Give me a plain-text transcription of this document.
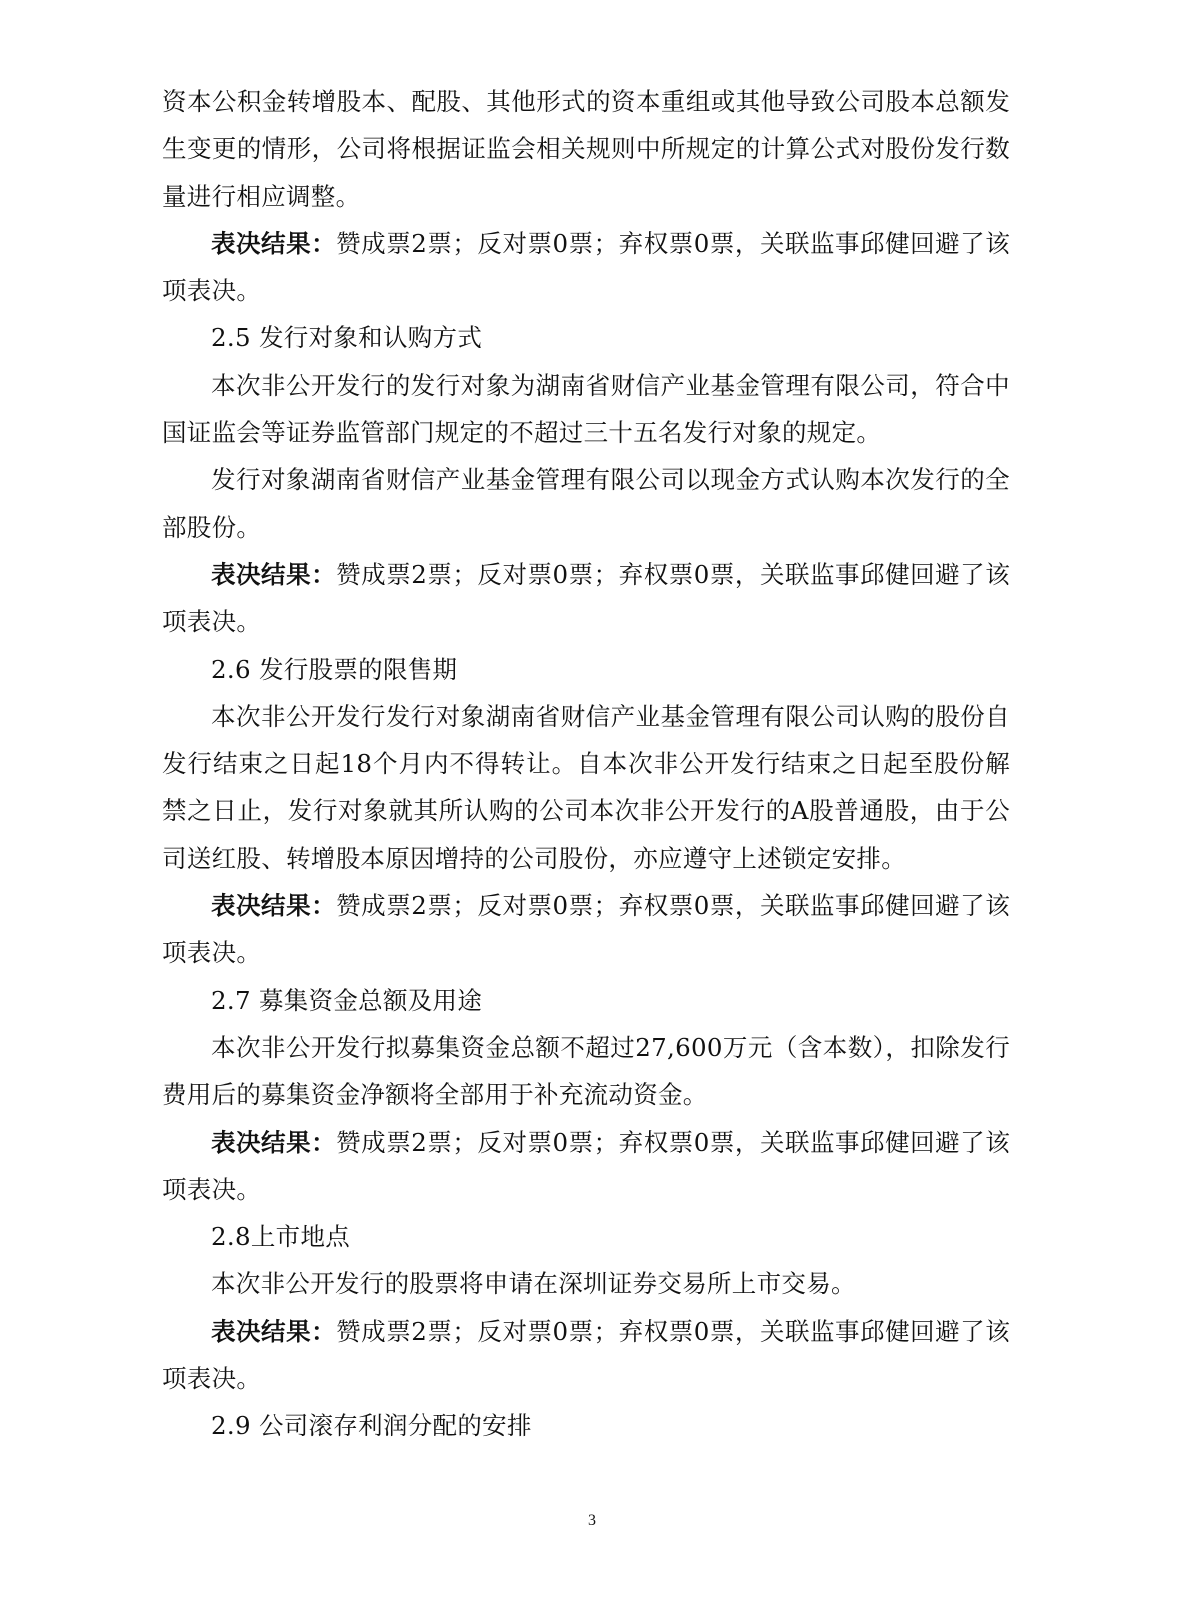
资本公积金转增股本、配股、其他形式的资本重组或其他导致公司股本总额发生变更的情形，公司将根据证监会相关规则中所规定的计算公式对股份发行数量进行相应调整。

表决结果：赞成票2票；反对票0票；弃权票0票，关联监事邱健回避了该项表决。

2.5 发行对象和认购方式

本次非公开发行的发行对象为湖南省财信产业基金管理有限公司，符合中国证监会等证券监管部门规定的不超过三十五名发行对象的规定。

发行对象湖南省财信产业基金管理有限公司以现金方式认购本次发行的全部股份。

表决结果：赞成票2票；反对票0票；弃权票0票，关联监事邱健回避了该项表决。

2.6 发行股票的限售期

本次非公开发行发行对象湖南省财信产业基金管理有限公司认购的股份自发行结束之日起18个月内不得转让。自本次非公开发行结束之日起至股份解禁之日止，发行对象就其所认购的公司本次非公开发行的A股普通股，由于公司送红股、转增股本原因增持的公司股份，亦应遵守上述锁定安排。

表决结果：赞成票2票；反对票0票；弃权票0票，关联监事邱健回避了该项表决。

2.7 募集资金总额及用途

本次非公开发行拟募集资金总额不超过27,600万元（含本数），扣除发行费用后的募集资金净额将全部用于补充流动资金。

表决结果：赞成票2票；反对票0票；弃权票0票，关联监事邱健回避了该项表决。

2.8上市地点

本次非公开发行的股票将申请在深圳证券交易所上市交易。

表决结果：赞成票2票；反对票0票；弃权票0票，关联监事邱健回避了该项表决。

2.9 公司滚存利润分配的安排

3
